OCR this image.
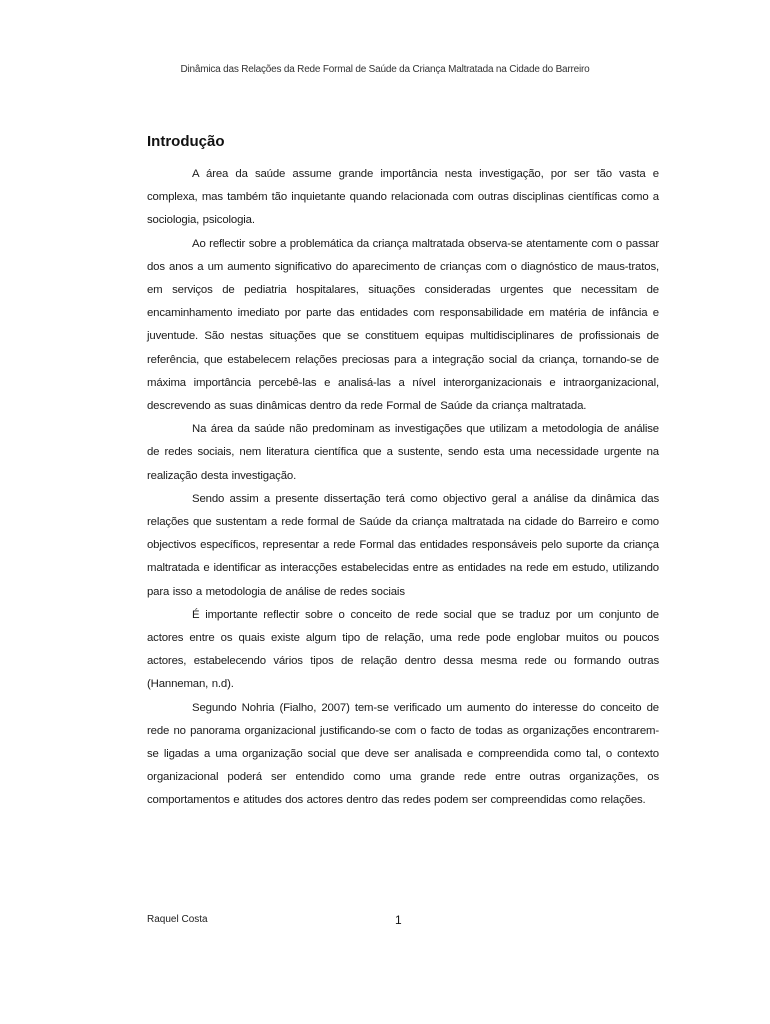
Dinâmica das Relações da Rede Formal de Saúde da Criança Maltratada na Cidade do Barreiro
Introdução

A área da saúde assume grande importância nesta investigação, por ser tão vasta e complexa, mas também tão inquietante quando relacionada com outras disciplinas científicas como a sociologia, psicologia.

Ao reflectir sobre a problemática da criança maltratada observa-se atentamente com o passar dos anos a um aumento significativo do aparecimento de crianças com o diagnóstico de maus-tratos, em serviços de pediatria hospitalares, situações consideradas urgentes que necessitam de encaminhamento imediato por parte das entidades com responsabilidade em matéria de infância e juventude. São nestas situações que se constituem equipas multidisciplinares de profissionais de referência, que estabelecem relações preciosas para a integração social da criança, tornando-se de máxima importância percebê-las e analisá-las a nível interorganizacionais e intraorganizacional, descrevendo as suas dinâmicas dentro da rede Formal de Saúde da criança maltratada.

Na área da saúde não predominam as investigações que utilizam a metodologia de análise de redes sociais, nem literatura científica que a sustente, sendo esta uma necessidade urgente na realização desta investigação.

Sendo assim a presente dissertação terá como objectivo geral a análise da dinâmica das relações que sustentam a rede formal de Saúde da criança maltratada na cidade do Barreiro e como objectivos específicos, representar a rede Formal das entidades responsáveis pelo suporte da criança maltratada e identificar as interacções estabelecidas entre as entidades na rede em estudo, utilizando para isso a metodologia de análise de redes sociais

É importante reflectir sobre o conceito de rede social que se traduz por um conjunto de actores entre os quais existe algum tipo de relação, uma rede pode englobar muitos ou poucos actores, estabelecendo vários tipos de relação dentro dessa mesma rede ou formando outras (Hanneman, n.d).

Segundo Nohria (Fialho, 2007) tem-se verificado um aumento do interesse do conceito de rede no panorama organizacional justificando-se com o facto de todas as organizações encontrarem-se ligadas a uma organização social que deve ser analisada e compreendida como tal, o contexto organizacional poderá ser entendido como uma grande rede entre outras organizações, os comportamentos e atitudes dos actores dentro das redes podem ser compreendidas como relações.

Raquel Costa	1
